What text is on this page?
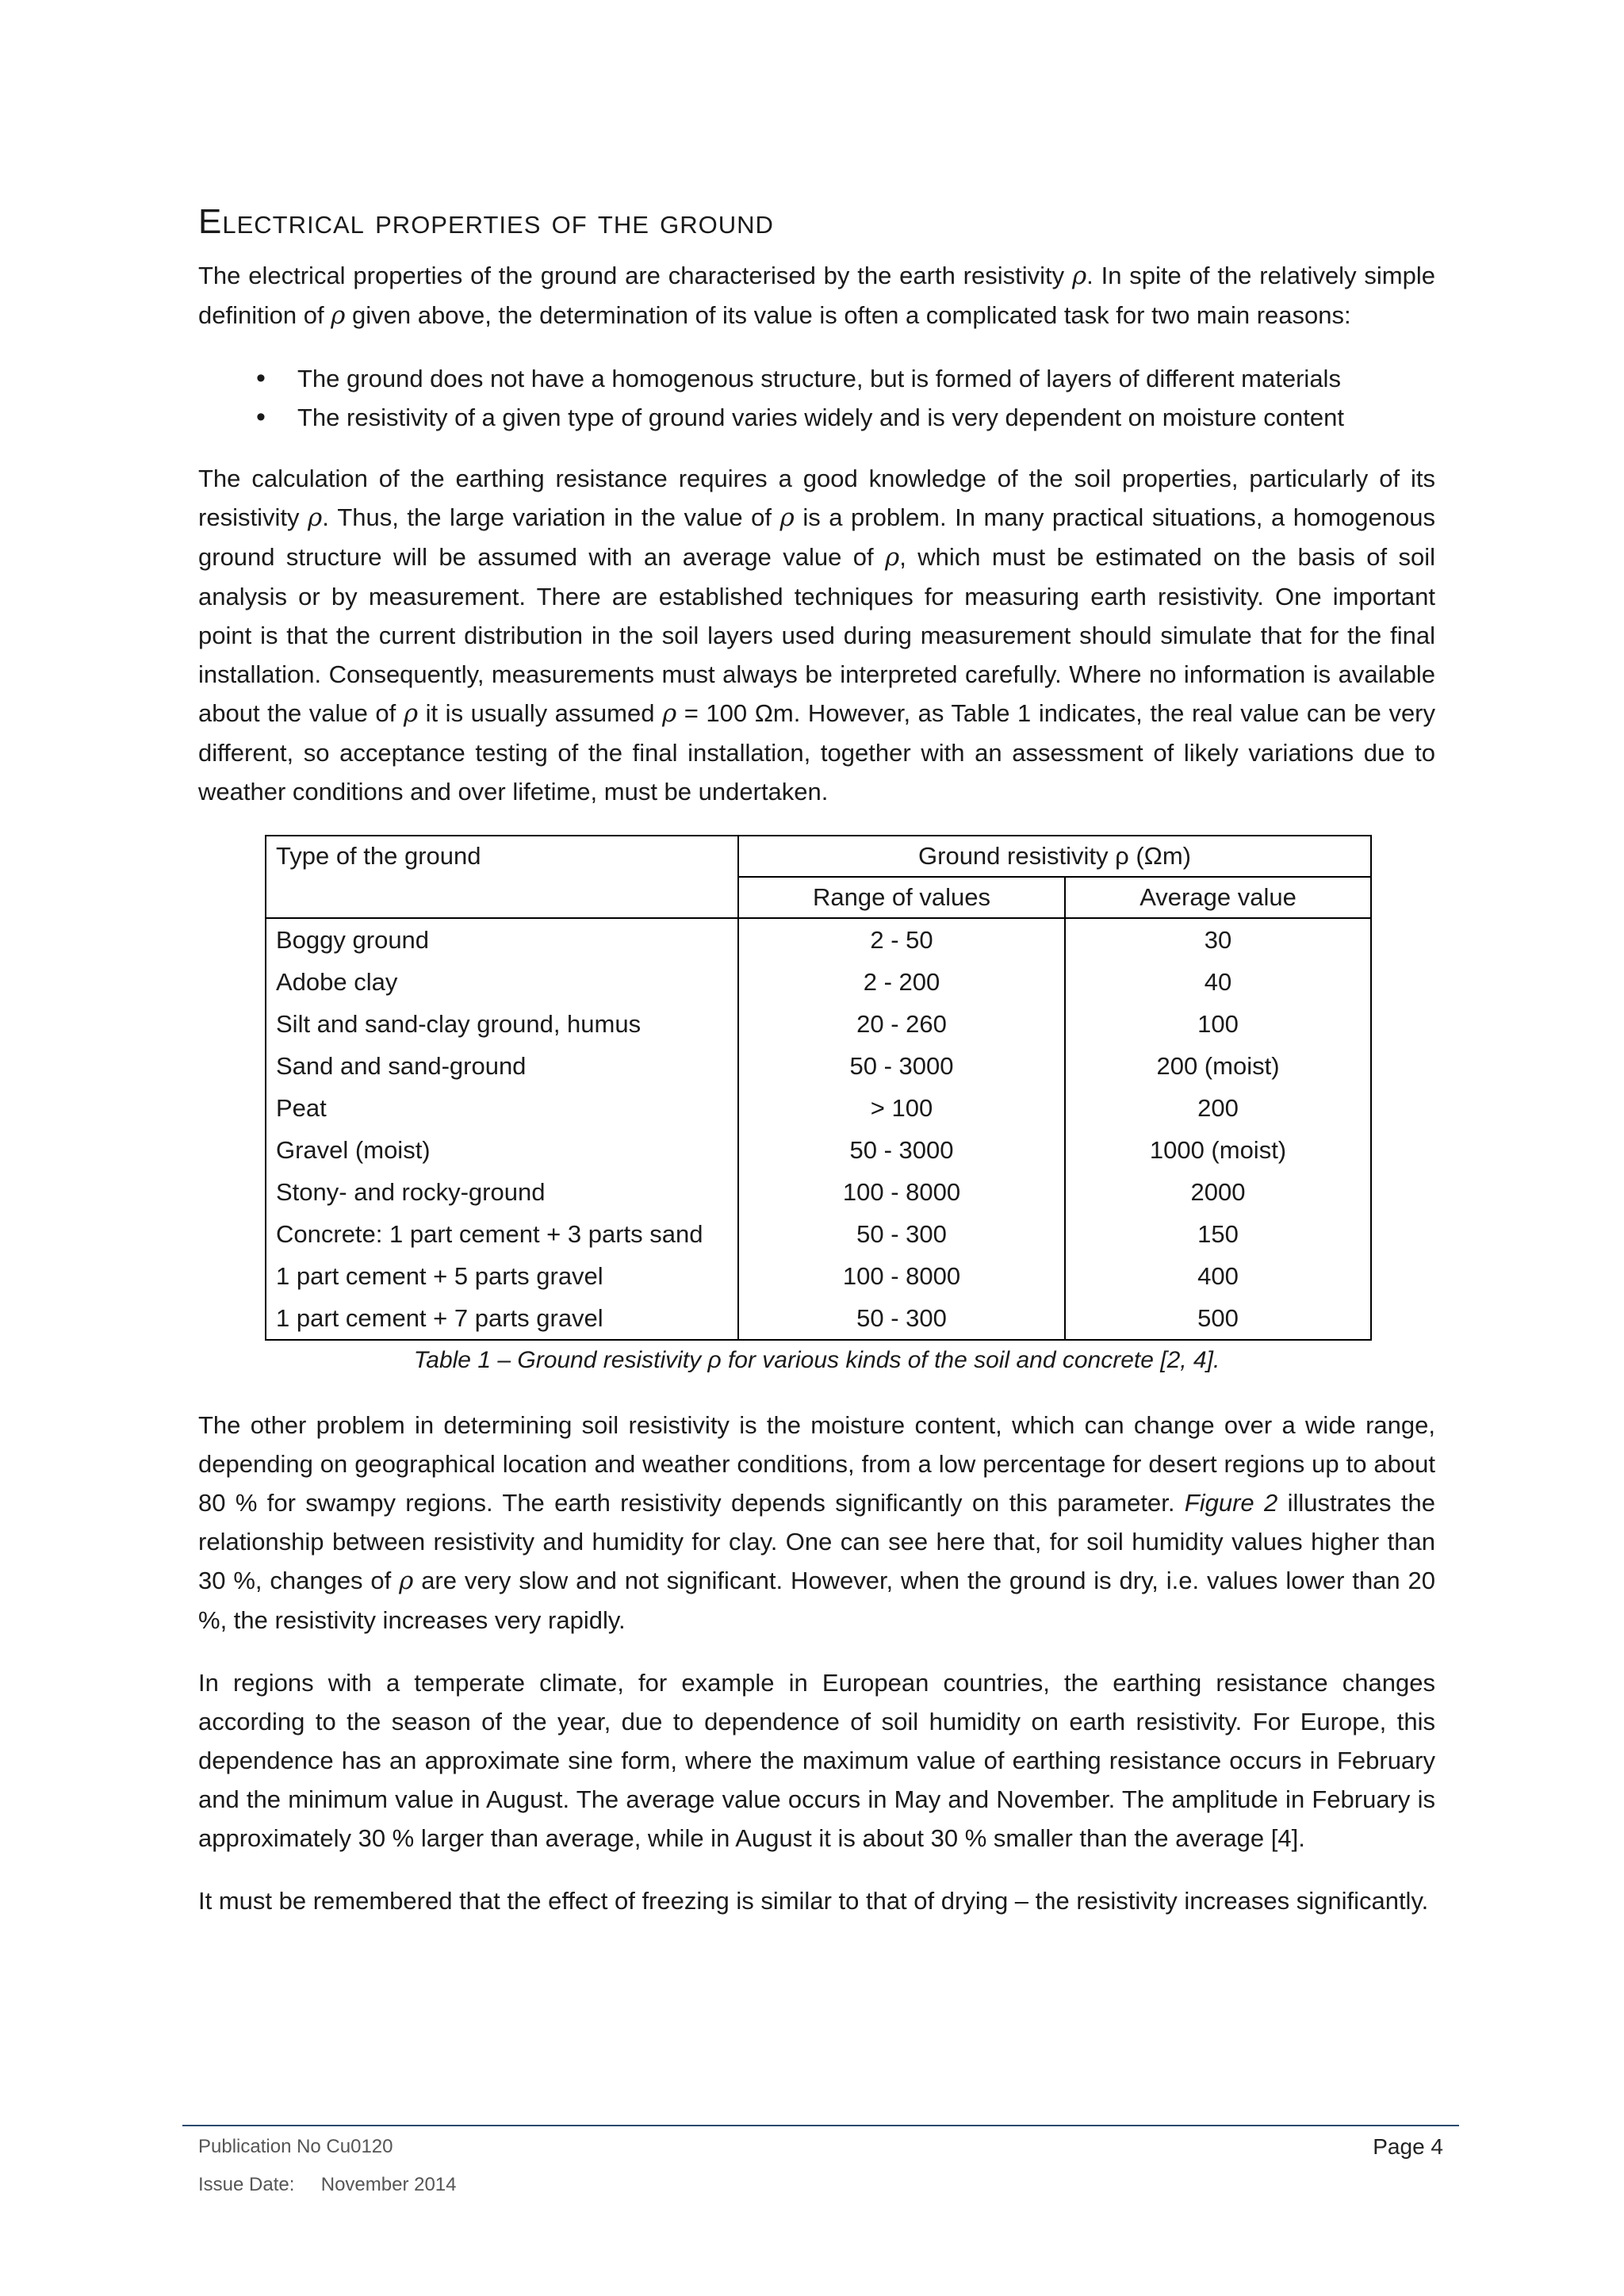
Electrical properties of the ground

The electrical properties of the ground are characterised by the earth resistivity ρ. In spite of the relatively simple definition of ρ given above, the determination of its value is often a complicated task for two main reasons:

• The ground does not have a homogenous structure, but is formed of layers of different materials
• The resistivity of a given type of ground varies widely and is very dependent on moisture content

The calculation of the earthing resistance requires a good knowledge of the soil properties, particularly of its resistivity ρ. Thus, the large variation in the value of ρ is a problem. In many practical situations, a homogenous ground structure will be assumed with an average value of ρ, which must be estimated on the basis of soil analysis or by measurement. There are established techniques for measuring earth resistivity. One important point is that the current distribution in the soil layers used during measurement should simulate that for the final installation. Consequently, measurements must always be interpreted carefully. Where no information is available about the value of ρ it is usually assumed ρ = 100 Ωm. However, as Table 1 indicates, the real value can be very different, so acceptance testing of the final installation, together with an assessment of likely variations due to weather conditions and over lifetime, must be undertaken.

Type of the ground	Ground resistivity ρ (Ωm)	
	Range of values	Average value
Boggy ground	2 - 50	30
Adobe clay	2 - 200	40
Silt and sand-clay ground, humus	20 - 260	100
Sand and sand-ground	50 - 3000	200 (moist)
Peat	> 100	200
Gravel (moist)	50 - 3000	1000 (moist)
Stony- and rocky-ground	100 - 8000	2000
Concrete: 1 part cement + 3 parts sand	50 - 300	150
1 part cement + 5 parts gravel	100 - 8000	400
1 part cement + 7 parts gravel	50 - 300	500
Table 1 – Ground resistivity ρ for various kinds of the soil and concrete [2, 4].

The other problem in determining soil resistivity is the moisture content, which can change over a wide range, depending on geographical location and weather conditions, from a low percentage for desert regions up to about 80 % for swampy regions. The earth resistivity depends significantly on this parameter. Figure 2 illustrates the relationship between resistivity and humidity for clay. One can see here that, for soil humidity values higher than 30 %, changes of ρ are very slow and not significant. However, when the ground is dry, i.e. values lower than 20 %, the resistivity increases very rapidly.

In regions with a temperate climate, for example in European countries, the earthing resistance changes according to the season of the year, due to dependence of soil humidity on earth resistivity. For Europe, this dependence has an approximate sine form, where the maximum value of earthing resistance occurs in February and the minimum value in August. The average value occurs in May and November. The amplitude in February is approximately 30 % larger than average, while in August it is about 30 % smaller than the average [4].

It must be remembered that the effect of freezing is similar to that of drying – the resistivity increases significantly.

Publication No Cu0120	Page 4
Issue Date:     November 2014
